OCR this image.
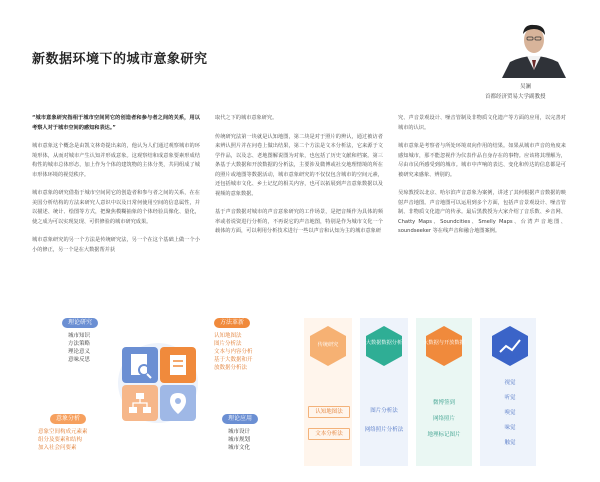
新数据环境下的城市意象研究
吴澜
首都经济贸易大学副教授

“城市意象研究指相于城市空间同它的创造者和参与者之间的关系，用以考察人对于城市空间的感知和表达。”

城市意象这个概念是由凯文林奇提出来的，他认为人们通过观察城市的环境形体，从而对城市产生认知并形成意象。这观察结和成意象要素形成结构性的城市总体形态，加上作为个体的建筑物的主体分类，共同组成了城市形体环境的视觉秩序。

城市意象的研究借指于城市空间同它的创造者和参与者之间的关系，在在美国分析结构的方法来研究人意识中以及日常何使用空间的信息属性，并以描述、统计、绘图等方式，把聚焦模糊抽象的个体经验具像化、量化，使之成为可以实现复现、可供修验的城市研究成果。

城市意象研究的另一个方法是传统研究法，另一个在这个基础上做一个小小的修正，另一个是在大数据帮并获

取代之下的城市意象研究。

传统研究法第一块就是认知地图，第二块是对于照片的辨认，通过被访者来辨认照片并在问卷上做出结果，第二个方法是文本分析法，它来源于文学作品，以及志、老地图解说图为对象，也包括了历史文献和档案。第三条基于大数据和开放数据的分析法，主要涉及微博或社交地理情境的所在的照片或地图等数据活动，城市意象研究的不仅仅包含城市的空间元素，还包括城市文化、乡土记忆的相关内容，也可以拓展到声音意象数据以及视频的意象数据。

基于声音数据对城市的声音意象研究的工作场景，是把音频作为具体的频率或者说资进行分析的，不再说它的声音地图，特别是作为城市文化一个载体的方面，可以利用分析技术进行一些以声音和认知为主的城市意象研

究、声音景观设计、噪音管制及非物质文化遗产等方面的应用，以完善对城市的认识。

城市意象是考察者与所处环境双向作用的结果。如果从城市声音的角度来感知城市，那不能忽视作为仪表作品自身存在的事物。应该将其理解为，尽由市民所感受到的城市。城市中声响的表达、变化和传达的信息都是可被研究来感象、辨别的。

吴琼教授以北京、哈尔滨声音意象为案例，讲述了其何根据声音数据的映射声音地图。声音地图可以运用到多个方面，包括声音景观设计、噪音管制、非物质文化遗产的传承。最后黑教授为大家介绍了音乐数、乡音网、Chatty Maps、Soundcities、Smelly Maps、台湾声音地图、soundseeker 等在线声音和融合地图案例。

理论研究
城市知识
方法策略
理论意义
意味反思
方法革新
认知地图法
图片分析法
文本与内容分析
基于大数据和开
放数据分析法
意象分析
意象空间构成元素素
组分及要素和结构
加入社会问要素
理论应用
城市设计
城市规划
城市文化
传统研究	大数据数据分析	大数据与开放数据
意象数据
认知地图法
文本分析法
图片分析法
网络照片分析法
微博签到
网络照片
地理标记图片
视觉
听觉
嗅觉
味觉
触觉
